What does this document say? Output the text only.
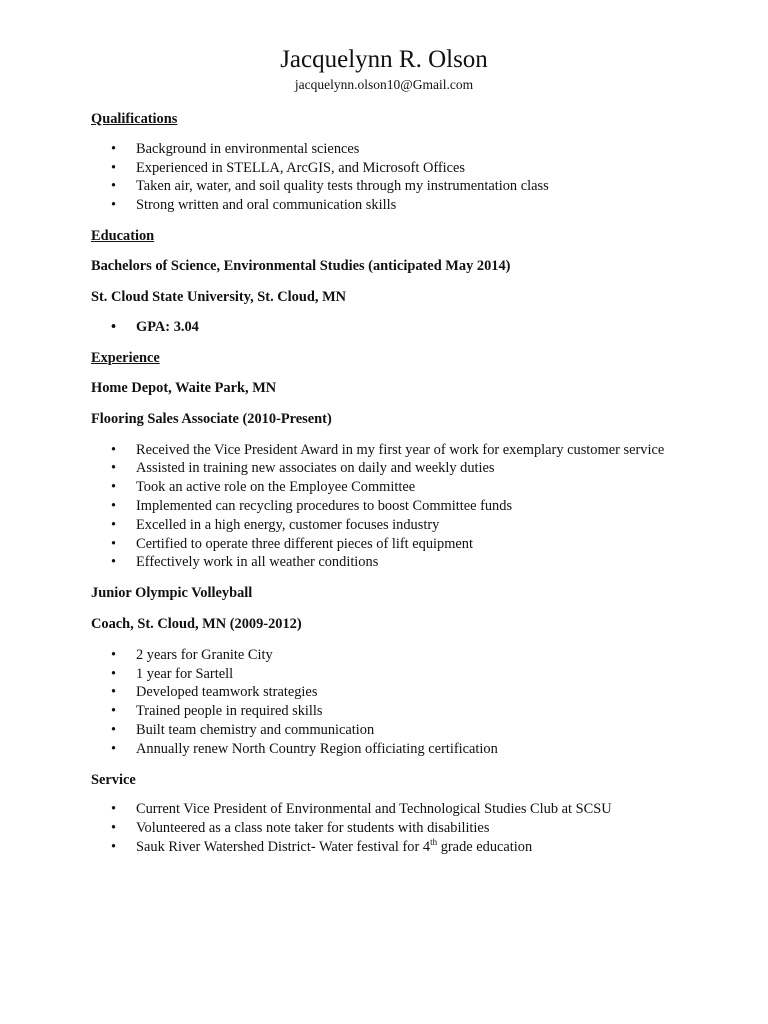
Jacquelynn R. Olson
jacquelynn.olson10@Gmail.com
Qualifications
• Background in environmental sciences
• Experienced in STELLA, ArcGIS, and Microsoft Offices
• Taken air, water, and soil quality tests through my instrumentation class
• Strong written and oral communication skills
Education
Bachelors of Science, Environmental Studies (anticipated May 2014)
St. Cloud State University, St. Cloud, MN
• GPA: 3.04
Experience
Home Depot, Waite Park, MN
Flooring Sales Associate (2010-Present)
• Received the Vice President Award in my first year of work for exemplary customer service
• Assisted in training new associates on daily and weekly duties
• Took an active role on the Employee Committee
• Implemented can recycling procedures to boost Committee funds
• Excelled in a high energy, customer focuses industry
• Certified to operate three different pieces of lift equipment
• Effectively work in all weather conditions
Junior Olympic Volleyball
Coach, St. Cloud, MN (2009-2012)
• 2 years for Granite City
• 1 year for Sartell
• Developed teamwork strategies
• Trained people in required skills
• Built team chemistry and communication
• Annually renew North Country Region officiating certification
Service
• Current Vice President of Environmental and Technological Studies Club at SCSU
• Volunteered as a class note taker for students with disabilities
• Sauk River Watershed District- Water festival for 4th grade education
